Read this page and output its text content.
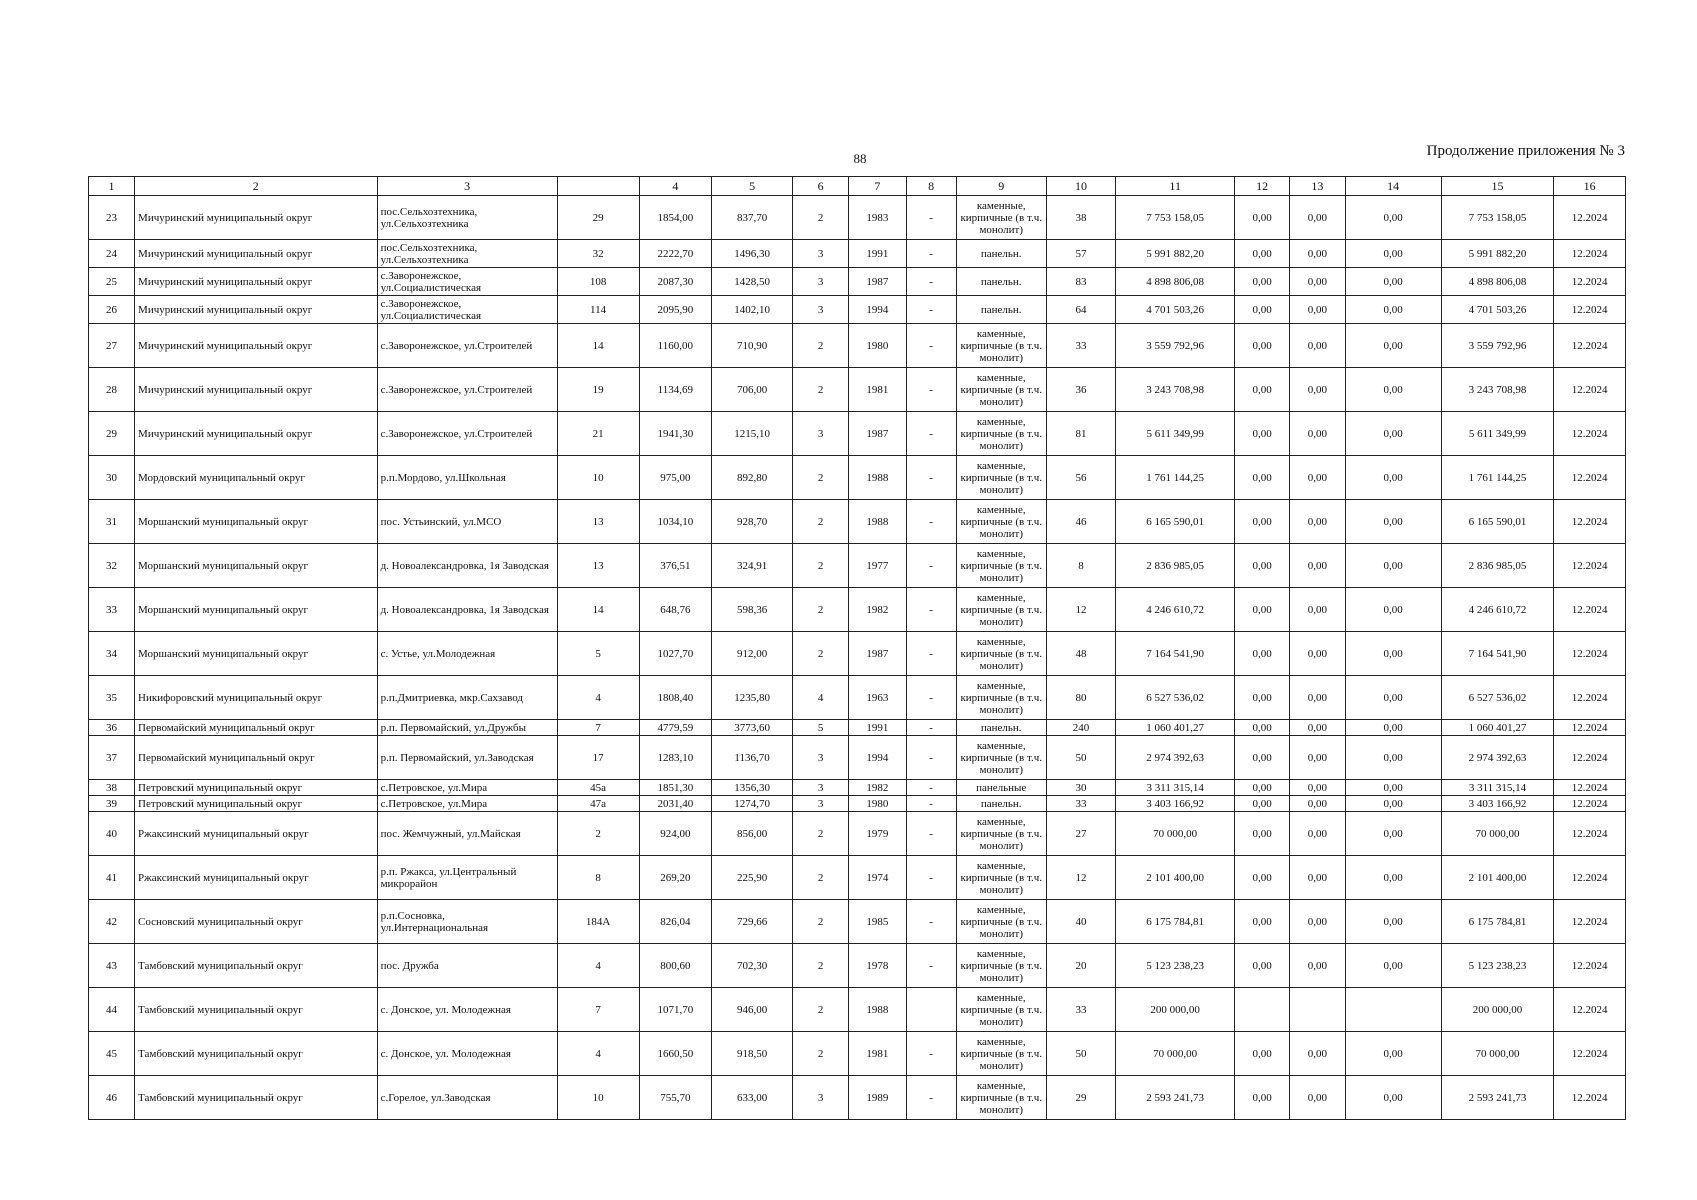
88	Продолжение приложения № 3
1	2	3		4	5	6	7	8	9	10	11	12	13	14	15	16
23	Мичуринский муниципальный округ	пос.Сельхозтехника, ул.Сельхозтехника	29	1854,00	837,70	2	1983	-	каменные, кирпичные (в т.ч. монолит)	38	7 753 158,05	0,00	0,00	0,00	7 753 158,05	12.2024
24	Мичуринский муниципальный округ	пос.Сельхозтехника, ул.Сельхозтехника	32	2222,70	1496,30	3	1991	-	панельн.	57	5 991 882,20	0,00	0,00	0,00	5 991 882,20	12.2024
25	Мичуринский муниципальный округ	с.Заворонежское, ул.Социалистическая	108	2087,30	1428,50	3	1987	-	панельн.	83	4 898 806,08	0,00	0,00	0,00	4 898 806,08	12.2024
26	Мичуринский муниципальный округ	с.Заворонежское, ул.Социалистическая	114	2095,90	1402,10	3	1994	-	панельн.	64	4 701 503,26	0,00	0,00	0,00	4 701 503,26	12.2024
27	Мичуринский муниципальный округ	с.Заворонежское, ул.Строителей	14	1160,00	710,90	2	1980	-	каменные, кирпичные (в т.ч. монолит)	33	3 559 792,96	0,00	0,00	0,00	3 559 792,96	12.2024
28	Мичуринский муниципальный округ	с.Заворонежское, ул.Строителей	19	1134,69	706,00	2	1981	-	каменные, кирпичные (в т.ч. монолит)	36	3 243 708,98	0,00	0,00	0,00	3 243 708,98	12.2024
29	Мичуринский муниципальный округ	с.Заворонежское, ул.Строителей	21	1941,30	1215,10	3	1987	-	каменные, кирпичные (в т.ч. монолит)	81	5 611 349,99	0,00	0,00	0,00	5 611 349,99	12.2024
30	Мордовский муниципальный округ	р.п.Мордово, ул.Школьная	10	975,00	892,80	2	1988	-	каменные, кирпичные (в т.ч. монолит)	56	1 761 144,25	0,00	0,00	0,00	1 761 144,25	12.2024
31	Моршанский муниципальный округ	пос. Устьинский, ул.МСО	13	1034,10	928,70	2	1988	-	каменные, кирпичные (в т.ч. монолит)	46	6 165 590,01	0,00	0,00	0,00	6 165 590,01	12.2024
32	Моршанский муниципальный округ	д. Новоалександровка, 1я Заводская	13	376,51	324,91	2	1977	-	каменные, кирпичные (в т.ч. монолит)	8	2 836 985,05	0,00	0,00	0,00	2 836 985,05	12.2024
33	Моршанский муниципальный округ	д. Новоалександровка, 1я Заводская	14	648,76	598,36	2	1982	-	каменные, кирпичные (в т.ч. монолит)	12	4 246 610,72	0,00	0,00	0,00	4 246 610,72	12.2024
34	Моршанский муниципальный округ	с. Устье, ул.Молодежная	5	1027,70	912,00	2	1987	-	каменные, кирпичные (в т.ч. монолит)	48	7 164 541,90	0,00	0,00	0,00	7 164 541,90	12.2024
35	Никифоровский муниципальный округ	р.п.Дмитриевка, мкр.Сахзавод	4	1808,40	1235,80	4	1963	-	каменные, кирпичные (в т.ч. монолит)	80	6 527 536,02	0,00	0,00	0,00	6 527 536,02	12.2024
36	Первомайский муниципальный округ	р.п. Первомайский, ул.Дружбы	7	4779,59	3773,60	5	1991	-	панельн.	240	1 060 401,27	0,00	0,00	0,00	1 060 401,27	12.2024
37	Первомайский муниципальный округ	р.п. Первомайский, ул.Заводская	17	1283,10	1136,70	3	1994	-	каменные, кирпичные (в т.ч. монолит)	50	2 974 392,63	0,00	0,00	0,00	2 974 392,63	12.2024
38	Петровский муниципальный округ	с.Петровское, ул.Мира	45а	1851,30	1356,30	3	1982	-	панельные	30	3 311 315,14	0,00	0,00	0,00	3 311 315,14	12.2024
39	Петровский муниципальный округ	с.Петровское, ул.Мира	47а	2031,40	1274,70	3	1980	-	панельн.	33	3 403 166,92	0,00	0,00	0,00	3 403 166,92	12.2024
40	Ржаксинский муниципальный округ	пос. Жемчужный, ул.Майская	2	924,00	856,00	2	1979	-	каменные, кирпичные (в т.ч. монолит)	27	70 000,00	0,00	0,00	0,00	70 000,00	12.2024
41	Ржаксинский муниципальный округ	р.п. Ржакса, ул.Центральный микрорайон	8	269,20	225,90	2	1974	-	каменные, кирпичные (в т.ч. монолит)	12	2 101 400,00	0,00	0,00	0,00	2 101 400,00	12.2024
42	Сосновский муниципальный округ	р.п.Сосновка, ул.Интернациональная	184А	826,04	729,66	2	1985	-	каменные, кирпичные (в т.ч. монолит)	40	6 175 784,81	0,00	0,00	0,00	6 175 784,81	12.2024
43	Тамбовский муниципальный округ	пос. Дружба	4	800,60	702,30	2	1978	-	каменные, кирпичные (в т.ч. монолит)	20	5 123 238,23	0,00	0,00	0,00	5 123 238,23	12.2024
44	Тамбовский муниципальный округ	с. Донское, ул. Молодежная	7	1071,70	946,00	2	1988		каменные, кирпичные (в т.ч. монолит)	33	200 000,00				200 000,00	12.2024
45	Тамбовский муниципальный округ	с. Донское, ул. Молодежная	4	1660,50	918,50	2	1981	-	каменные, кирпичные (в т.ч. монолит)	50	70 000,00	0,00	0,00	0,00	70 000,00	12.2024
46	Тамбовский муниципальный округ	с.Горелое, ул.Заводская	10	755,70	633,00	3	1989	-	каменные, кирпичные (в т.ч. монолит)	29	2 593 241,73	0,00	0,00	0,00	2 593 241,73	12.2024
